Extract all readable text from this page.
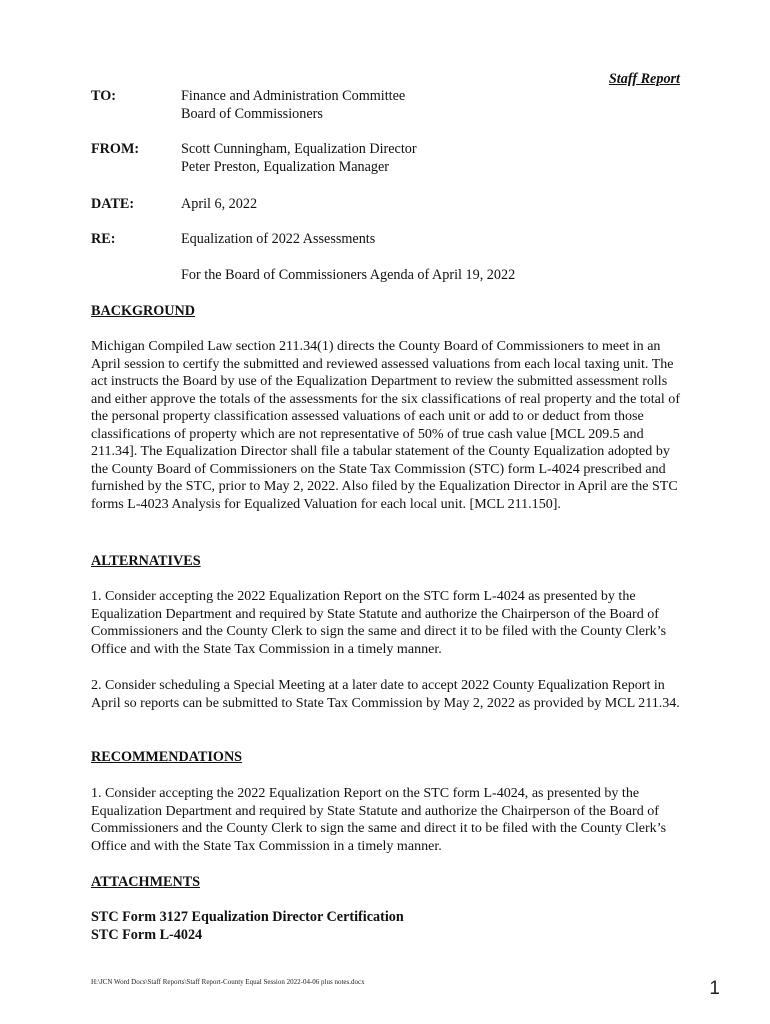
Staff Report
TO:	Finance and Administration Committee
Board of Commissioners
FROM:	Scott Cunningham, Equalization Director
Peter Preston, Equalization Manager
DATE:	April 6, 2022
RE:	Equalization of 2022 Assessments
For the Board of Commissioners Agenda of April 19, 2022
BACKGROUND
Michigan Compiled Law section 211.34(1) directs the County Board of Commissioners to meet in an April session to certify the submitted and reviewed assessed valuations from each local taxing unit. The act instructs the Board by use of the Equalization Department to review the submitted assessment rolls and either approve the totals of the assessments for the six classifications of real property and the total of the personal property classification assessed valuations of each unit or add to or deduct from those classifications of property which are not representative of 50% of true cash value [MCL 209.5 and 211.34]. The Equalization Director shall file a tabular statement of the County Equalization adopted by the County Board of Commissioners on the State Tax Commission (STC) form L-4024 prescribed and furnished by the STC, prior to May 2, 2022. Also filed by the Equalization Director in April are the STC forms L-4023 Analysis for Equalized Valuation for each local unit. [MCL 211.150].
ALTERNATIVES
1. Consider accepting the 2022 Equalization Report on the STC form L-4024 as presented by the Equalization Department and required by State Statute and authorize the Chairperson of the Board of Commissioners and the County Clerk to sign the same and direct it to be filed with the County Clerk’s Office and with the State Tax Commission in a timely manner.
2. Consider scheduling a Special Meeting at a later date to accept 2022 County Equalization Report in April so reports can be submitted to State Tax Commission by May 2, 2022 as provided by MCL 211.34.
RECOMMENDATIONS
1. Consider accepting the 2022 Equalization Report on the STC form L-4024, as presented by the Equalization Department and required by State Statute and authorize the Chairperson of the Board of Commissioners and the County Clerk to sign the same and direct it to be filed with the County Clerk’s Office and with the State Tax Commission in a timely manner.
ATTACHMENTS
STC Form 3127 Equalization Director Certification
STC Form L-4024
H:\JCN Word Docs\Staff Reports\Staff Report-County Equal Session 2022-04-06 plus notes.docx	1
